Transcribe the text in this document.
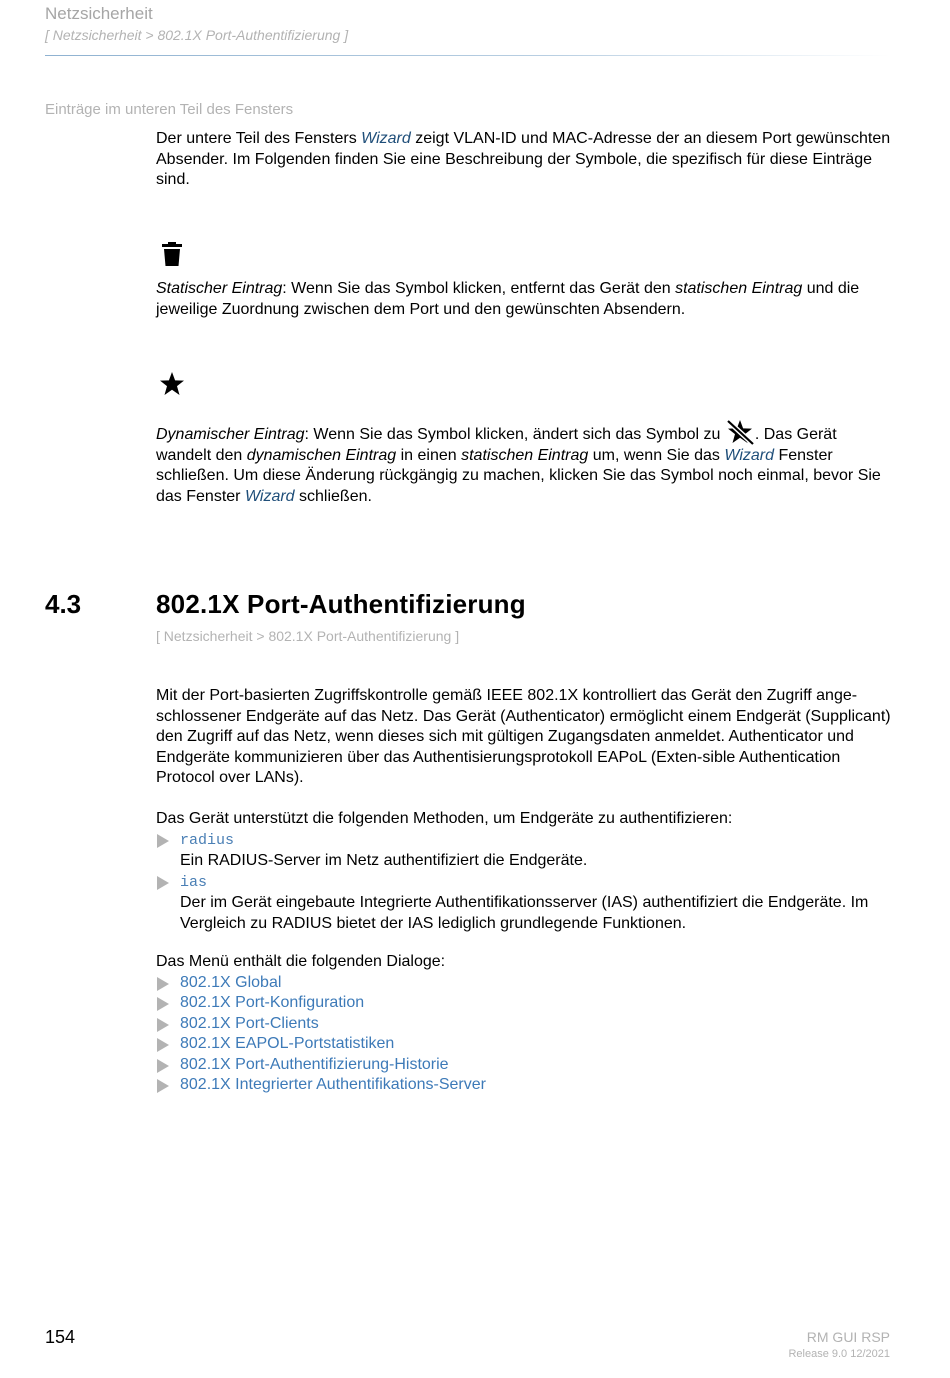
Netzsicherheit
[ Netzsicherheit > 802.1X Port-Authentifizierung ]
Einträge im unteren Teil des Fensters

Der untere Teil des Fensters Wizard zeigt VLAN-ID und MAC-Adresse der an diesem Port gewünschten Absender. Im Folgenden finden Sie eine Beschreibung der Symbole, die spezifisch für diese Einträge sind.

Statischer Eintrag: Wenn Sie das Symbol klicken, entfernt das Gerät den statischen Eintrag und die jeweilige Zuordnung zwischen dem Port und den gewünschten Absendern.

Dynamischer Eintrag: Wenn Sie das Symbol klicken, ändert sich das Symbol zu . Das Gerät wandelt den dynamischen Eintrag in einen statischen Eintrag um, wenn Sie das Wizard Fenster schließen. Um diese Änderung rückgängig zu machen, klicken Sie das Symbol noch einmal, bevor Sie das Fenster Wizard schließen.

4.3	802.1X Port-Authentifizierung
[ Netzsicherheit > 802.1X Port-Authentifizierung ]

Mit der Port-basierten Zugriffskontrolle gemäß IEEE 802.1X kontrolliert das Gerät den Zugriff ange-schlossener Endgeräte auf das Netz. Das Gerät (Authenticator) ermöglicht einem Endgerät (Supplicant) den Zugriff auf das Netz, wenn dieses sich mit gültigen Zugangsdaten anmeldet. Authenticator und Endgeräte kommunizieren über das Authentisierungsprotokoll EAPoL (Exten-sible Authentication Protocol over LANs).

Das Gerät unterstützt die folgenden Methoden, um Endgeräte zu authentifizieren:

radius
Ein RADIUS-Server im Netz authentifiziert die Endgeräte.
ias
Der im Gerät eingebaute Integrierte Authentifikationsserver (IAS) authentifiziert die Endgeräte. Im Vergleich zu RADIUS bietet der IAS lediglich grundlegende Funktionen.

Das Menü enthält die folgenden Dialoge:

802.1X Global
802.1X Port-Konfiguration
802.1X Port-Clients
802.1X EAPOL-Portstatistiken
802.1X Port-Authentifizierung-Historie
802.1X Integrierter Authentifikations-Server
154	RM GUI RSP
Release 9.0 12/2021
